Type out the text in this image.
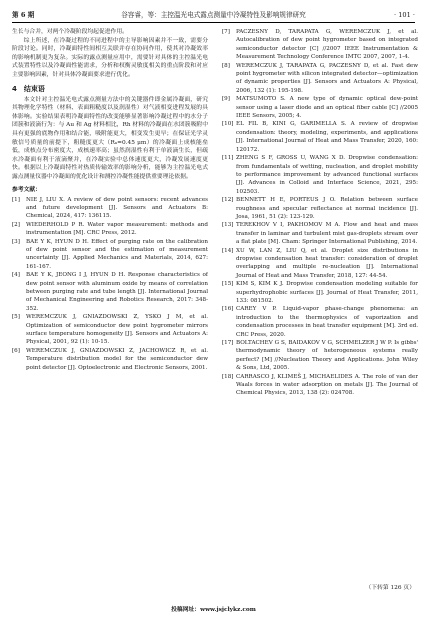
第 6 期	谷容睿，等：主控温光电式露点测量中冷凝特性及影响规律研究	· 101 ·

生长与合并，对两个冷凝阶段均起促进作用。

综上所述，在冷凝过程的不同进程中的主导影响因素并不一致，需要分阶段讨论。同时，冷凝面特性间相互关联并存在协同作用，使其对冷凝效率的影响机制更为复杂。实际的露点测量应用中，需要针对具体的主控温光电式装置特性以及冷凝面性能需求，分析和权衡灵敏度相关的重点阶段和对应主要影响因素，针对具体冷凝面要求进行优化。

4　结束语

本文针对主控温光电式露点测量方法中的关键器件即金属冷凝面，研究其物理化学特性（材料、表面粗糙度以及润湿性）对气液相变进程发展的具体影响。实验结果表明冷凝面特性的改变能够显著影响冷凝过程中的水分子团簇和液滴行为：与 Au 和 Ag 材料相比，Rh 材料的冷凝面在水团簇吸附中具有更强的底物作用和结合能，吸附能更大，相变发生更早；在保证光学灵敏信号质量的前提下，粗糙度更大（Rₐ=0.45 μm）的冷凝面上成核能垒低，成核点分布密度大，成核速率高；虽然润湿性有利于单液滴生长，但疏水冷凝面有利于液滴聚并，在冷凝实验中总体速度更大，冷凝发展速度更快。根据以上冷凝面特性对热质传输效率的影响分析，能够为主控温光电式露点测量仪器中冷凝面的优化设计和测控冷凝性能提供重要理论依据。

参考文献：

[1] NIE J, LIU X. A review of dew point sensors: recent advances and future development [J]. Sensors and Actuators B: Chemical, 2024, 417: 136115.

[2] WIEDERHOLD P R. Water vapor measurement: methods and instrumentation [M]. CRC Press, 2012.

[3] BAE Y K, HYUN D H. Effect of purging rate on the calibration of dew point sensor and the estimation of measurement uncertainty [J]. Applied Mechanics and Materials, 2014, 627: 161-167.

[4] BAE Y K, JEONG I J, HYUN D H. Response characteristics of dew point sensor with aluminum oxide by means of correlation between purging rate and tube length [J]. International Journal of Mechanical Engineering and Robotics Research, 2017: 348-352.

[5] WEREMCZUK J, GNIAZDOWSKI Z, YSKO J M, et al. Optimization of semiconductor dew point hygrometer mirrors surface temperature homogeneity [J]. Sensors and Actuators A: Physical, 2001, 92 (1): 10-15.

[6] WEREMCZUK J, GNIAZDOWSKI Z, JACHOWICZ R, et al. Temperature distribution model for the semiconductor dew point detector [J]. Optoelectronic and Electronic Sensors, 2001.

[7] PACZESNY D, TARAPATA G, WEREMCZUK J, et al. Autocalibration of dew point hygrometer based on integrated semiconductor detector [C] //2007 IEEE Instrumentation & Measurement Technology Conference IMTC 2007, 2007, 1-4.

[8] WEREMCZUK J, TARAPATA G, PACZESNY D, et al. Fast dew point hygrometer with silicon integrated detector—optimization of dynamic properties [J]. Sensors and Actuators A: Physical, 2006, 132 (1): 195-198.

[9] MATSUMOTO S. A new type of dynamic optical dew-point sensor using a laser diode and an optical fiber cable [C] //2005 IEEE Sensors, 2005; 4.

[10] EL FIL B, KINI G, GARIMELLA S. A review of dropwise condensation: theory, modeling, experiments, and applications [J]. International Journal of Heat and Mass Transfer, 2020, 160: 120172.

[11] ZHENG S F, GROSS U, WANG X D. Dropwise condensation: from fundamentals of wetting, nucleation, and droplet mobility to performance improvement by advanced functional surfaces [J]. Advances in Colloid and Interface Science, 2021, 295: 102503.

[12] BENNETT H E, PORTEUS J O. Relation between surface roughness and specular reflectance at normal incidence [J]. Josa, 1961, 51 (2): 123-129.

[13] TEREKHOV V I, PAKHOMOV M A. Flow and heat and mass transfer in laminar and turbulent mist gas-droplets stream over a flat plate [M]. Cham: Springer International Publishing, 2014.

[14] XU W, LAN Z, LIU Q, et al. Droplet size distributions in dropwise condensation heat transfer: consideration of droplet overlapping and multiple re-nucleation [J]. International Journal of Heat and Mass Transfer, 2018, 127: 44-54.

[15] KIM S, KIM K J. Dropwise condensation modeling suitable for superhydrophobic surfaces [J]. Journal of Heat Transfer, 2011, 133: 081502.

[16] CAREY V P. Liquid-vapor phase-change phenomena: an introduction to the thermophysics of vaporization and condensation processes in heat transfer equipment [M]. 3rd ed. CRC Press, 2020.

[17] BOLTACHEV G S, BAIDAKOV V G, SCHMELZER J W P. Is gibbs' thermodynamic theory of heterogeneous systems really perfect? [M] //Nucleation Theory and Applications. John Wiley & Sons, Ltd, 2005.

[18] CARRASCO J, KLIMEŠ J, MICHAELIDES A. The role of van der Waals forces in water adsorption on metals [J]. The Journal of Chemical Physics, 2013, 138 (2): 024708.

（下转第 126 页）
投稿网址：www.jsjclykz.com
